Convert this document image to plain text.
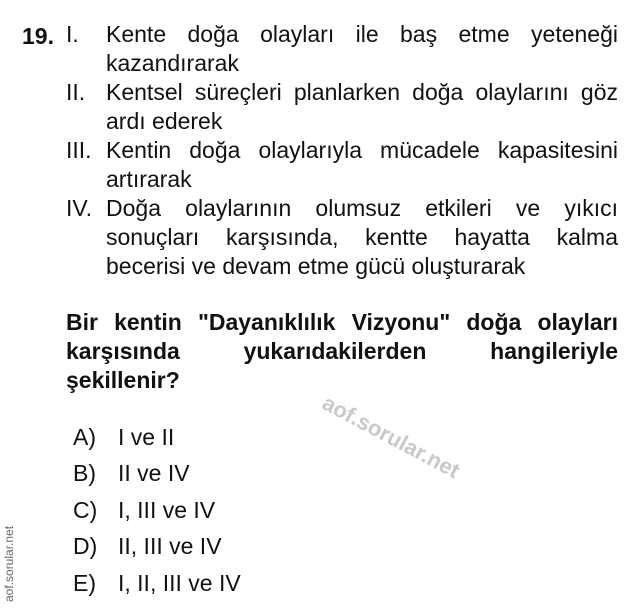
19. I.	Kente doğa olayları ile baş etme yeteneği kazandırarak
II. Kentsel süreçleri planlarken doğa olaylarını göz ardı ederek
III. Kentin doğa olaylarıyla mücadele kapasitesini artırarak
IV. Doğa olaylarının olumsuz etkileri ve yıkıcı sonuçları karşısında, kentte hayatta kalma becerisi ve devam etme gücü oluşturarak
Bir kentin "Dayanıklılık Vizyonu" doğa olayları karşısında yukarıdakilerden hangileriyle şekillenir?
A) I ve II
B) II ve IV
C) I, III ve IV
D) II, III ve IV
E) I, II, III ve IV
aof.sorular.net
aof.sorular.net
